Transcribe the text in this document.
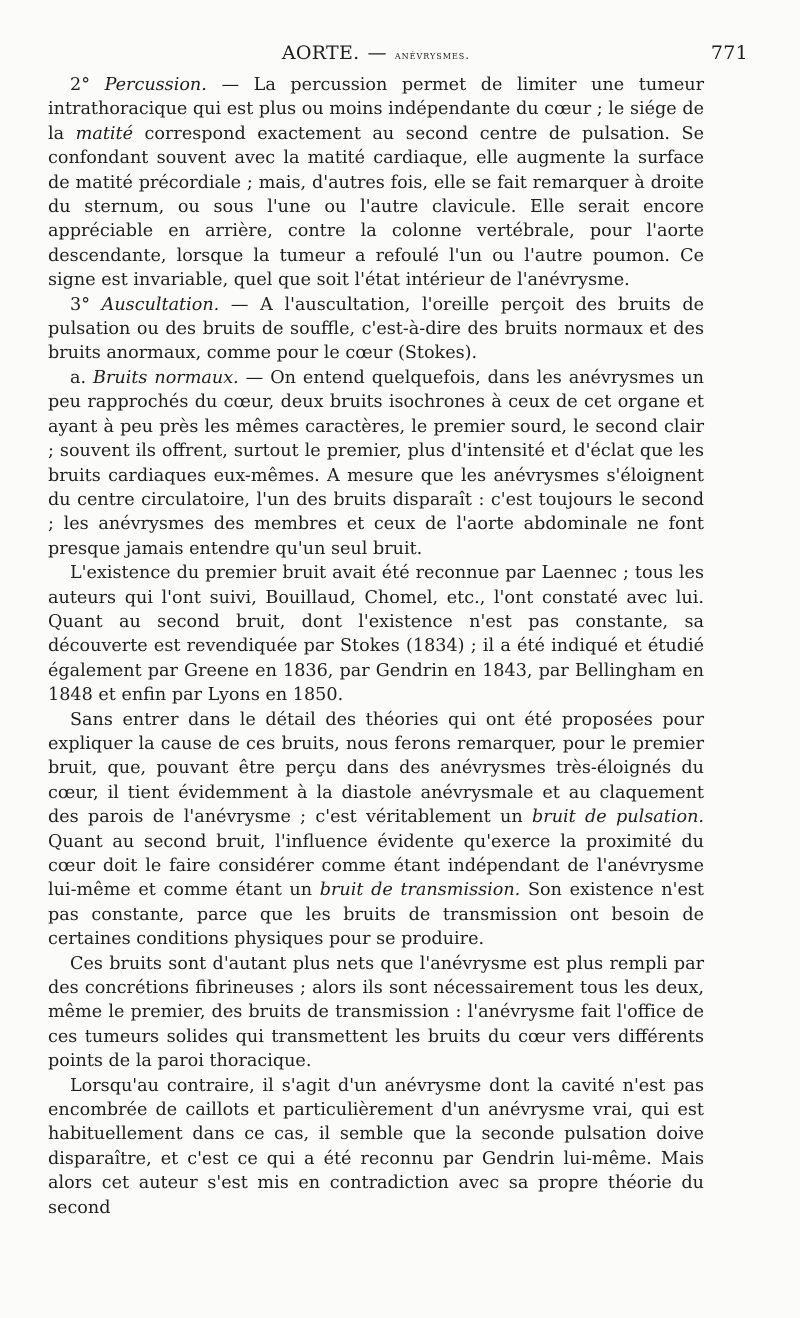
AORTE. — anévrysmes.	771

2° Percussion. — La percussion permet de limiter une tumeur intrathoracique qui est plus ou moins indépendante du cœur ; le siége de la matité correspond exactement au second centre de pulsation. Se confondant souvent avec la matité cardiaque, elle augmente la surface de matité précordiale ; mais, d'autres fois, elle se fait remarquer à droite du sternum, ou sous l'une ou l'autre clavicule. Elle serait encore appréciable en arrière, contre la colonne vertébrale, pour l'aorte descendante, lorsque la tumeur a refoulé l'un ou l'autre poumon. Ce signe est invariable, quel que soit l'état intérieur de l'anévrysme.

3° Auscultation. — A l'auscultation, l'oreille perçoit des bruits de pulsation ou des bruits de souffle, c'est-à-dire des bruits normaux et des bruits anormaux, comme pour le cœur (Stokes).

a. Bruits normaux. — On entend quelquefois, dans les anévrysmes un peu rapprochés du cœur, deux bruits isochrones à ceux de cet organe et ayant à peu près les mêmes caractères, le premier sourd, le second clair ; souvent ils offrent, surtout le premier, plus d'intensité et d'éclat que les bruits cardiaques eux-mêmes. A mesure que les anévrysmes s'éloignent du centre circulatoire, l'un des bruits disparaît : c'est toujours le second ; les anévrysmes des membres et ceux de l'aorte abdominale ne font presque jamais entendre qu'un seul bruit.

L'existence du premier bruit avait été reconnue par Laennec ; tous les auteurs qui l'ont suivi, Bouillaud, Chomel, etc., l'ont constaté avec lui. Quant au second bruit, dont l'existence n'est pas constante, sa découverte est revendiquée par Stokes (1834) ; il a été indiqué et étudié également par Greene en 1836, par Gendrin en 1843, par Bellingham en 1848 et enfin par Lyons en 1850.

Sans entrer dans le détail des théories qui ont été proposées pour expliquer la cause de ces bruits, nous ferons remarquer, pour le premier bruit, que, pouvant être perçu dans des anévrysmes très-éloignés du cœur, il tient évidemment à la diastole anévrysmale et au claquement des parois de l'anévrysme ; c'est véritablement un bruit de pulsation. Quant au second bruit, l'influence évidente qu'exerce la proximité du cœur doit le faire considérer comme étant indépendant de l'anévrysme lui-même et comme étant un bruit de transmission. Son existence n'est pas constante, parce que les bruits de transmission ont besoin de certaines conditions physiques pour se produire.

Ces bruits sont d'autant plus nets que l'anévrysme est plus rempli par des concrétions fibrineuses ; alors ils sont nécessairement tous les deux, même le premier, des bruits de transmission : l'anévrysme fait l'office de ces tumeurs solides qui transmettent les bruits du cœur vers différents points de la paroi thoracique.

Lorsqu'au contraire, il s'agit d'un anévrysme dont la cavité n'est pas encombrée de caillots et particulièrement d'un anévrysme vrai, qui est habituellement dans ce cas, il semble que la seconde pulsation doive disparaître, et c'est ce qui a été reconnu par Gendrin lui-même. Mais alors cet auteur s'est mis en contradiction avec sa propre théorie du second
